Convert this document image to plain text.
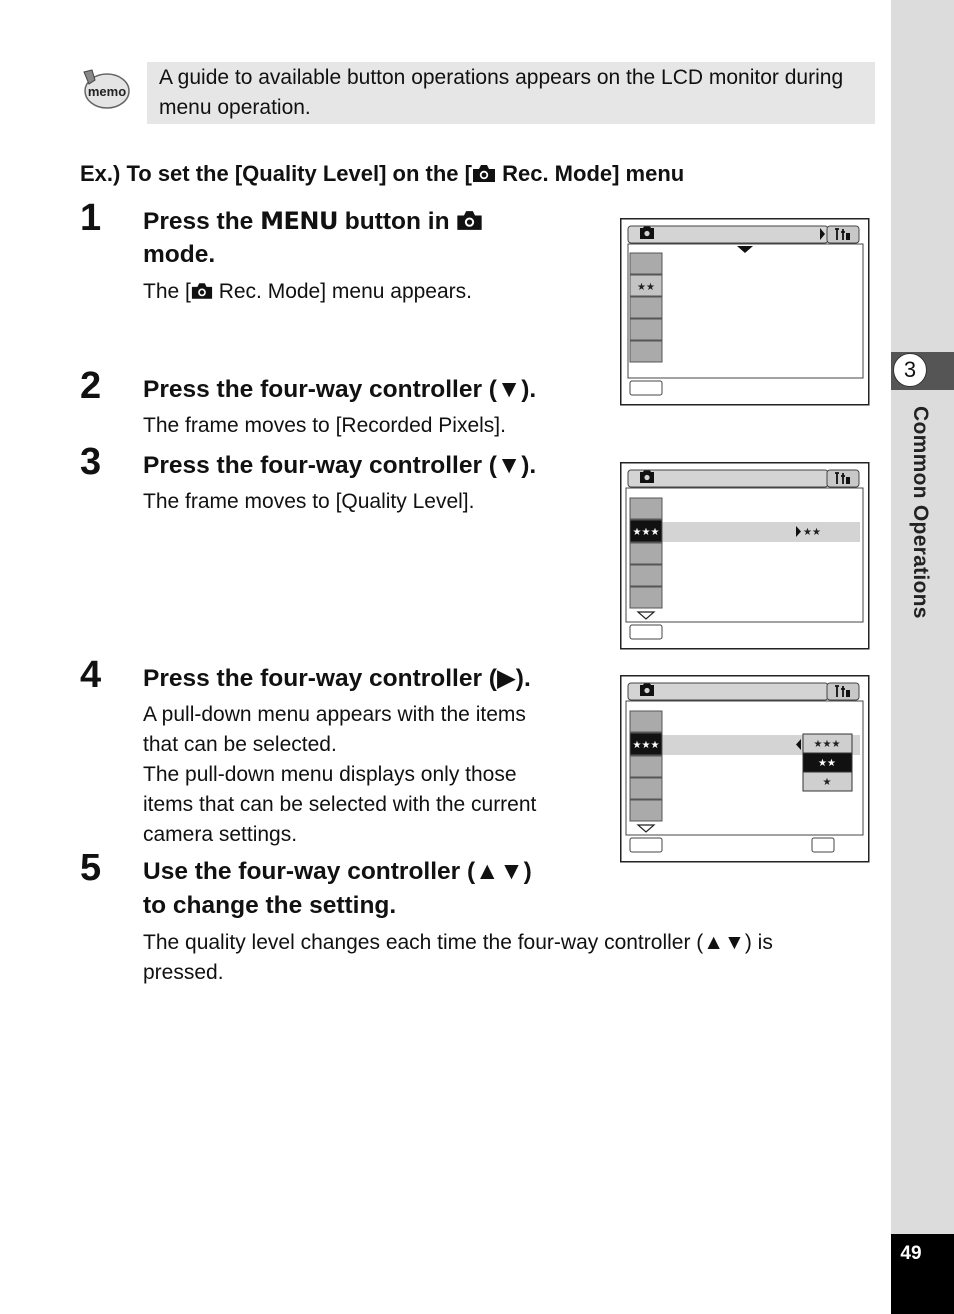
3
Common Operations
49
memo
A guide to available button operations appears on the LCD monitor during menu operation.
Ex.) To set the [Quality Level] on the [ Rec. Mode] menu
1 Press the MENU button in
mode.
The [ Rec. Mode] menu appears.
2 Press the four-way controller (▼).
The frame moves to [Recorded Pixels].
3 Press the four-way controller (▼).
The frame moves to [Quality Level].
4 Press the four-way controller (▶).
A pull-down menu appears with the items
that can be selected.
The pull-down menu displays only those
items that can be selected with the current
camera settings.
5 Use the four-way controller (▲▼)
to change the setting.
The quality level changes each time the four-way controller (▲▼) is
pressed.
★★
★★★	★★
★★★	★★★
★★
★
